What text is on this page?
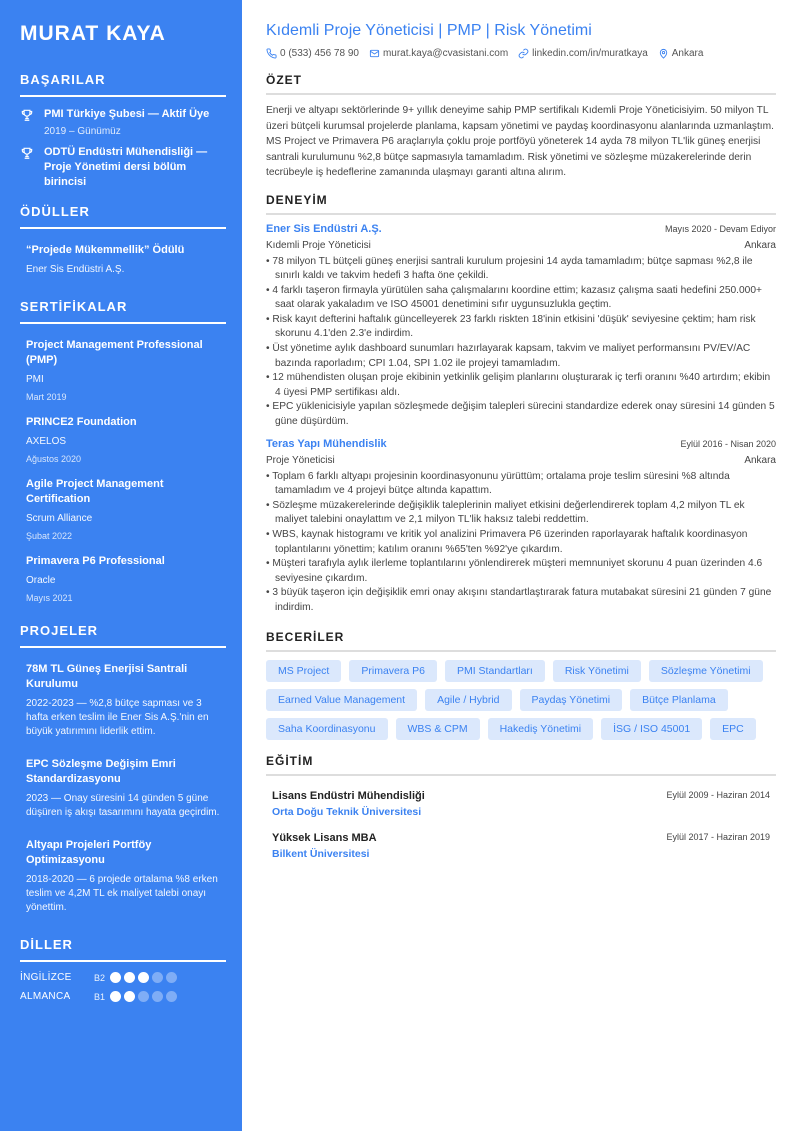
MURAT KAYA
BAŞARILAR
PMI Türkiye Şubesi — Aktif Üye
2019 – Günümüz
ODTÜ Endüstri Mühendisliği — Proje Yönetimi dersi bölüm birincisi
ÖDÜLLER
“Projede Mükemmellik” Ödülü
Ener Sis Endüstri A.Ş.
SERTİFİKALAR
Project Management Professional (PMP)
PMI
Mart 2019
PRINCE2 Foundation
AXELOS
Ağustos 2020
Agile Project Management Certification
Scrum Alliance
Şubat 2022
Primavera P6 Professional
Oracle
Mayıs 2021
PROJELER
78M TL Güneş Enerjisi Santrali Kurulumu
2022-2023 — %2,8 bütçe sapması ve 3 hafta erken teslim ile Ener Sis A.Ş.'nin en büyük yatırımını liderlik ettim.
EPC Sözleşme Değişim Emri Standardizasyonu
2023 — Onay süresini 14 günden 5 güne düşüren iş akışı tasarımını hayata geçirdim.
Altyapı Projeleri Portföy Optimizasyonu
2018-2020 — 6 projede ortalama %8 erken teslim ve 4,2M TL ek maliyet talebi onayı yönettim.
DİLLER
İNGİLİZCE	B2
ALMANCA	B1
Kıdemli Proje Yöneticisi | PMP | Risk Yönetimi
0 (533) 456 78 90 murat.kaya@cvasistani.com linkedin.com/in/muratkaya Ankara
ÖZET

Enerji ve altyapı sektörlerinde 9+ yıllık deneyime sahip PMP sertifikalı Kıdemli Proje Yöneticisiyim. 50 milyon TL üzeri bütçeli kurumsal projelerde planlama, kapsam yönetimi ve paydaş koordinasyonu alanlarında uzmanlaştım. MS Project ve Primavera P6 araçlarıyla çoklu proje portföyü yöneterek 14 ayda 78 milyon TL'lik güneş enerjisi santrali kurulumunu %2,8 bütçe sapmasıyla tamamladım. Risk yönetimi ve sözleşme müzakerelerinde derin tecrübeyle iş hedeflerine zamanında ulaşmayı garanti altına alırım.

DENEYİM
Ener Sis Endüstri A.Ş.	Mayıs 2020 - Devam Ediyor
Kıdemli Proje Yöneticisi	Ankara
• 78 milyon TL bütçeli güneş enerjisi santrali kurulum projesini 14 ayda tamamladım; bütçe sapması %2,8 ile sınırlı kaldı ve takvim hedefi 3 hafta öne çekildi.
• 4 farklı taşeron firmayla yürütülen saha çalışmalarını koordine ettim; kazasız çalışma saati hedefini 250.000+ saat olarak yakaladım ve ISO 45001 denetimini sıfır uygunsuzlukla geçtim.
• Risk kayıt defterini haftalık güncelleyerek 23 farklı riskten 18'inin etkisini 'düşük' seviyesine çektim; ham risk skorunu 4.1'den 2.3'e indirdim.
• Üst yönetime aylık dashboard sunumları hazırlayarak kapsam, takvim ve maliyet performansını PV/EV/AC bazında raporladım; CPI 1.04, SPI 1.02 ile projeyi tamamladım.
• 12 mühendisten oluşan proje ekibinin yetkinlik gelişim planlarını oluşturarak iç terfi oranını %40 artırdım; ekibin 4 üyesi PMP sertifikası aldı.
• EPC yüklenicisiyle yapılan sözleşmede değişim talepleri sürecini standardize ederek onay süresini 14 günden 5 güne düşürdüm.
Teras Yapı Mühendislik	Eylül 2016 - Nisan 2020
Proje Yöneticisi	Ankara
• Toplam 6 farklı altyapı projesinin koordinasyonunu yürüttüm; ortalama proje teslim süresini %8 altında tamamladım ve 4 projeyi bütçe altında kapattım.
• Sözleşme müzakerelerinde değişiklik taleplerinin maliyet etkisini değerlendirerek toplam 4,2 milyon TL ek maliyet talebini onaylattım ve 2,1 milyon TL'lik haksız talebi reddettim.
• WBS, kaynak histogramı ve kritik yol analizini Primavera P6 üzerinden raporlayarak haftalık koordinasyon toplantılarını yönettim; katılım oranını %65'ten %92'ye çıkardım.
• Müşteri tarafıyla aylık ilerleme toplantılarını yönlendirerek müşteri memnuniyet skorunu 4 puan üzerinden 4.6 seviyesine çıkardım.
• 3 büyük taşeron için değişiklik emri onay akışını standartlaştırarak fatura mutabakat süresini 21 günden 7 güne indirdim.
BECERİLER
MS Project	Primavera P6	PMI Standartları	Risk Yönetimi	Sözleşme Yönetimi
Earned Value Management	Agile / Hybrid	Paydaş Yönetimi	Bütçe Planlama
Saha Koordinasyonu	WBS & CPM	Hakediş Yönetimi	İSG / ISO 45001	EPC
EĞİTİM
Lisans Endüstri Mühendisliği	Eylül 2009 - Haziran 2014
Orta Doğu Teknik Üniversitesi
Yüksek Lisans MBA	Eylül 2017 - Haziran 2019
Bilkent Üniversitesi
